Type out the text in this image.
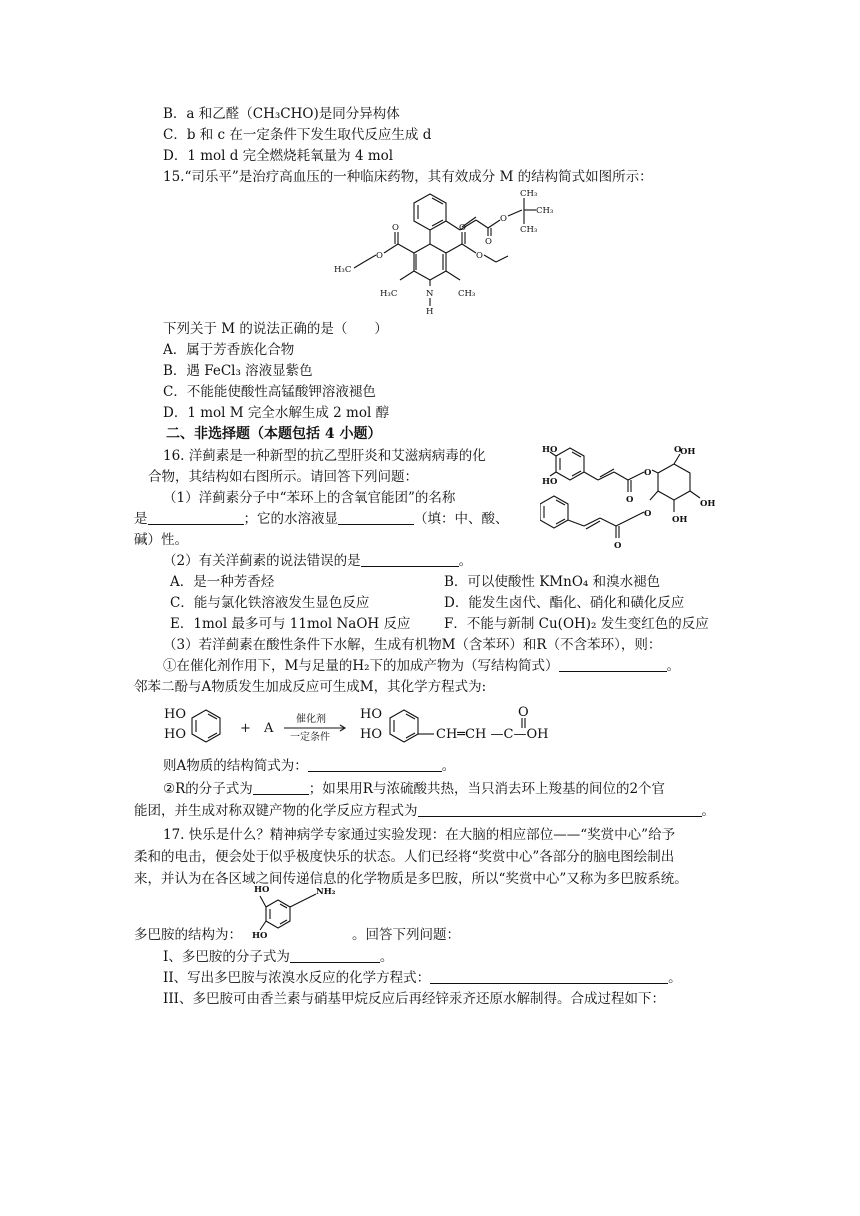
B．a 和乙醛（CH₃CHO)是同分异构体
C．b 和 c 在一定条件下发生取代反应生成 d
D．1 mol d 完全燃烧耗氧量为 4 mol
15.“司乐平”是治疗高血压的一种临床药物，其有效成分 M 的结构简式如图所示：
O
O
CH₃
CH₃
CH₃
O
O
H₃C
O
O
H₃C	CH₃
N
H
下列关于 M 的说法正确的是（　　）
A．属于芳香族化合物
B．遇 FeCl₃ 溶液显紫色
C．不能能使酸性高锰酸钾溶液褪色
D．1 mol M 完全水解生成 2 mol 醇
二、非选择题（本题包括 4 小题）
16. 洋蓟素是一种新型的抗乙型肝炎和艾滋病病毒的化
合物，其结构如右图所示。请回答下列问题：
HO
HO
O
O
OH
O
OH
OH
O
O
（1）洋蓟素分子中“苯环上的含氧官能团”的名称
是	；它的水溶液显	（填：中、酸、
碱）性。
（2）有关洋蓟素的说法错误的是	。
A．是一种芳香烃	B．可以使酸性 KMnO₄ 和溴水褪色
C．能与氯化铁溶液发生显色反应	D．能发生卤代、酯化、硝化和磺化反应
E．1mol 最多可与 11mol NaOH 反应 F．不能与新制 Cu(OH)₂ 发生变红色的反应
（3）若洋蓟素在酸性条件下水解，生成有机物M（含苯环）和R（不含苯环），则：
①在催化剂作用下，M与足量的H₂下的加成产物为（写结构简式）	。
邻苯二酚与A物质发生加成反应可生成M，其化学方程式为:
HO
HO	+ A
HO
HO	CH═CH —C—OH
O
催化剂
一定条件
则A物质的结构简式为：	。
②R的分子式为	；如果用R与浓硫酸共热，当只消去环上羧基的间位的2个官
能团，并生成对称双键产物的化学反应方程式为	。
17. 快乐是什么？精神病学专家通过实验发现：在大脑的相应部位——“奖赏中心”给予
柔和的电击，便会处于似乎极度快乐的状态。人们已经将“奖赏中心”各部分的脑电图绘制出
来，并认为在各区域之间传递信息的化学物质是多巴胺，所以“奖赏中心”又称为多巴胺系统。
HO
HO
NH₂
多巴胺的结构为：	。回答下列问题：
I、多巴胺的分子式为	。
II、写出多巴胺与浓溴水反应的化学方程式：	。
III、多巴胺可由香兰素与硝基甲烷反应后再经锌汞齐还原水解制得。合成过程如下：
